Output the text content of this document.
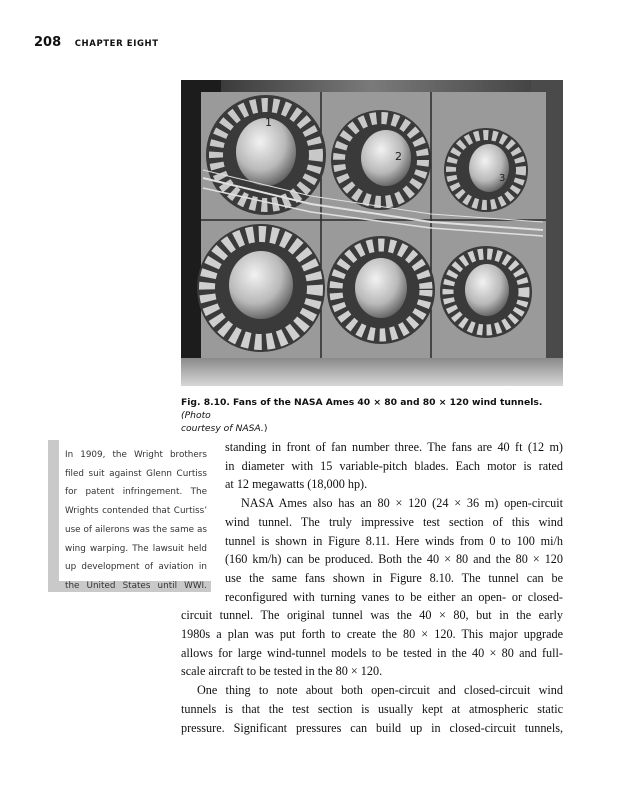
208 CHAPTER EIGHT
1
2
3
Fig. 8.10. Fans of the NASA Ames 40 × 80 and 80 × 120 wind tunnels. (Photo
courtesy of NASA.)
In 1909, the Wright brothers
filed suit against Glenn Curtiss
for patent infringement. The
Wrights contended that Curtiss’
use of ailerons was the same as
wing warping. The lawsuit held
up development of aviation in
the United States until WWI.
standing in front of fan number three. The fans are 40 ft (12 m)
in diameter with 15 variable-pitch blades. Each motor is rated
at 12 megawatts (18,000 hp).
NASA Ames also has an 80 × 120 (24 × 36 m) open-circuit
wind tunnel. The truly impressive test section of this wind
tunnel is shown in Figure 8.11. Here winds from 0 to 100 mi/h
(160 km/h) can be produced. Both the 40 × 80 and the 80 × 120
use the same fans shown in Figure 8.10. The tunnel can be
reconfigured with turning vanes to be either an open- or closed-
circuit tunnel. The original tunnel was the 40 × 80, but in the early
1980s a plan was put forth to create the 80 × 120. This major upgrade
allows for large wind-tunnel models to be tested in the 40 × 80 and full-
scale aircraft to be tested in the 80 × 120.
One thing to note about both open-circuit and closed-circuit wind
tunnels is that the test section is usually kept at atmospheric static
pressure. Significant pressures can build up in closed-circuit tunnels,
